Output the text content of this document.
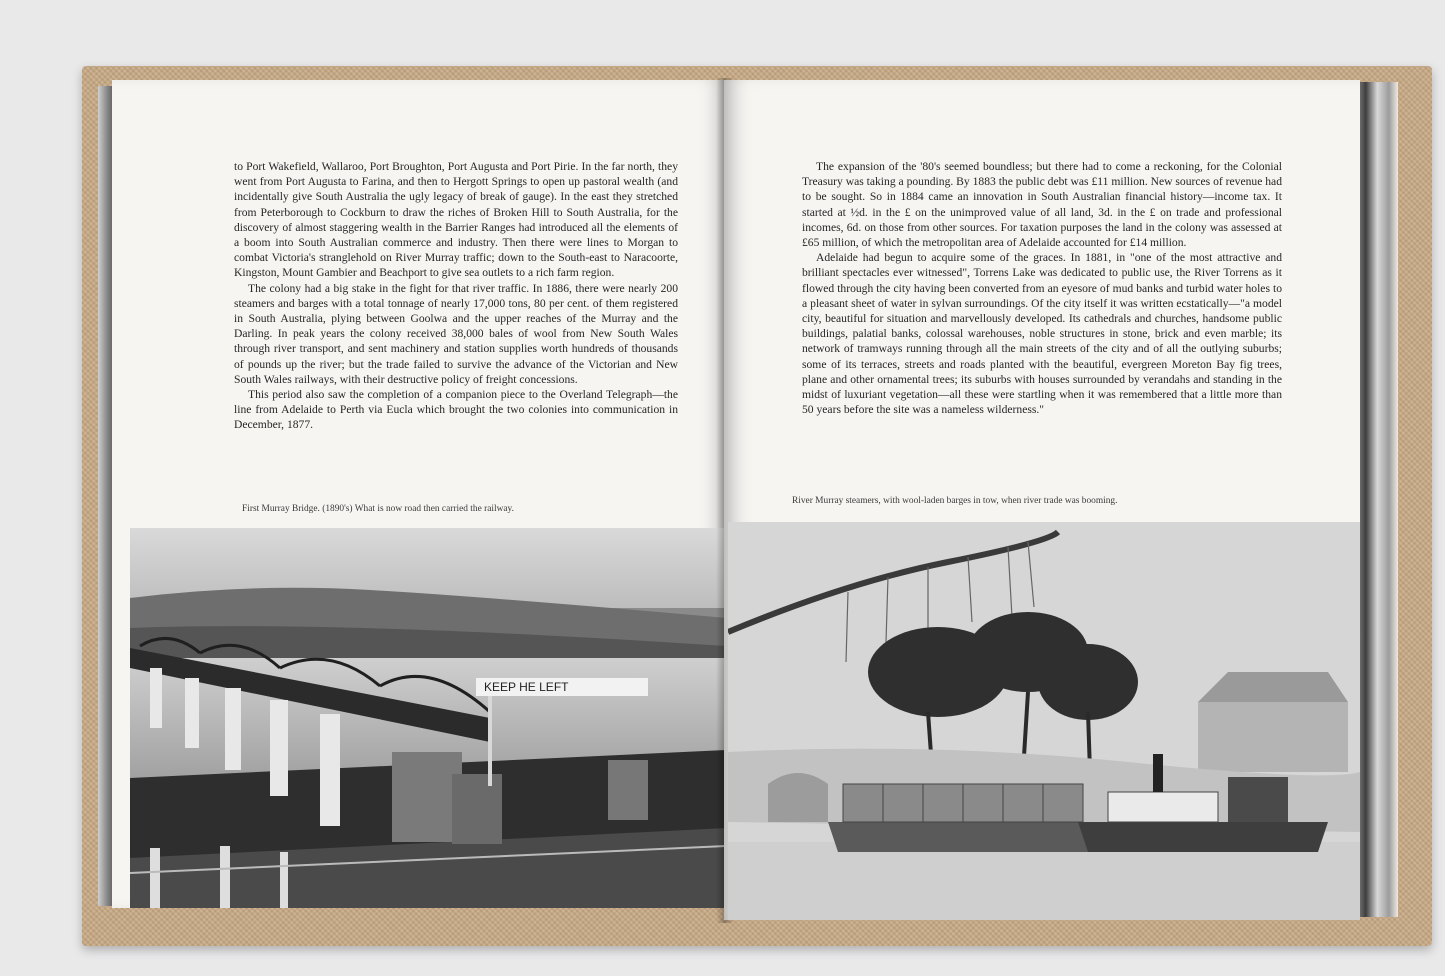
to Port Wakefield, Wallaroo, Port Broughton, Port Augusta and Port Pirie. In the far north, they went from Port Augusta to Farina, and then to Hergott Springs to open up pastoral wealth (and incidentally give South Australia the ugly legacy of break of gauge). In the east they stretched from Peterborough to Cockburn to draw the riches of Broken Hill to South Australia, for the discovery of almost staggering wealth in the Barrier Ranges had introduced all the elements of a boom into South Australian commerce and industry. Then there were lines to Morgan to combat Victoria's stranglehold on River Murray traffic; down to the South-east to Naracoorte, Kingston, Mount Gambier and Beachport to give sea outlets to a rich farm region.

The colony had a big stake in the fight for that river traffic. In 1886, there were nearly 200 steamers and barges with a total tonnage of nearly 17,000 tons, 80 per cent. of them registered in South Australia, plying between Goolwa and the upper reaches of the Murray and the Darling. In peak years the colony received 38,000 bales of wool from New South Wales through river transport, and sent machinery and station supplies worth hundreds of thousands of pounds up the river; but the trade failed to survive the advance of the Victorian and New South Wales railways, with their destructive policy of freight concessions.

This period also saw the completion of a companion piece to the Overland Telegraph—the line from Adelaide to Perth via Eucla which brought the two colonies into communication in December, 1877.

First Murray Bridge. (1890's) What is now road then carried the railway.
KEEP HE LEFT

The expansion of the '80's seemed boundless; but there had to come a reckoning, for the Colonial Treasury was taking a pounding. By 1883 the public debt was £11 million. New sources of revenue had to be sought. So in 1884 came an innovation in South Australian financial history—income tax. It started at ½d. in the £ on the unimproved value of all land, 3d. in the £ on trade and professional incomes, 6d. on those from other sources. For taxation purposes the land in the colony was assessed at £65 million, of which the metropolitan area of Adelaide accounted for £14 million.

Adelaide had begun to acquire some of the graces. In 1881, in "one of the most attractive and brilliant spectacles ever witnessed", Torrens Lake was dedicated to public use, the River Torrens as it flowed through the city having been converted from an eyesore of mud banks and turbid water holes to a pleasant sheet of water in sylvan surroundings. Of the city itself it was written ecstatically—"a model city, beautiful for situation and marvellously developed. Its cathedrals and churches, handsome public buildings, palatial banks, colossal warehouses, noble structures in stone, brick and even marble; its network of tramways running through all the main streets of the city and of all the outlying suburbs; some of its terraces, streets and roads planted with the beautiful, evergreen Moreton Bay fig trees, plane and other ornamental trees; its suburbs with houses surrounded by verandahs and standing in the midst of luxuriant vegetation—all these were startling when it was remembered that a little more than 50 years before the site was a nameless wilderness."

River Murray steamers, with wool-laden barges in tow, when river trade was booming.
